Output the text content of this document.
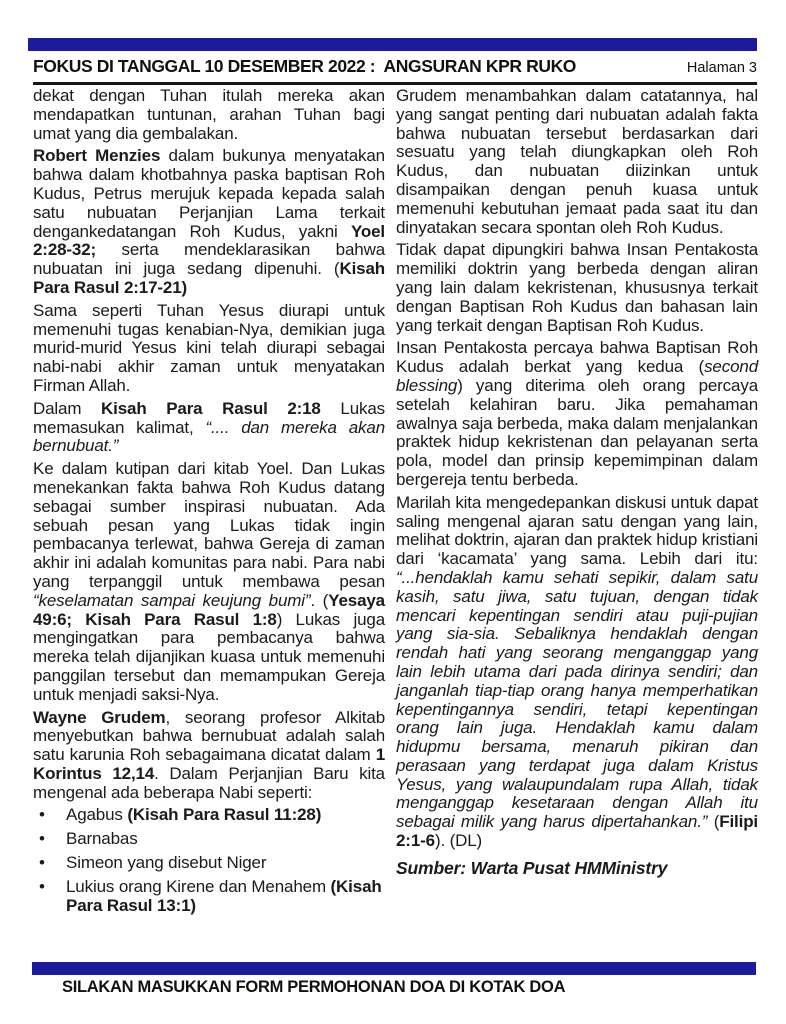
FOKUS DI TANGGAL 10 DESEMBER 2022 :  ANGSURAN KPR RUKO	Halaman 3

dekat dengan Tuhan itulah mereka akan mendapatkan tuntunan, arahan Tuhan bagi umat yang dia gembalakan.

Robert Menzies dalam bukunya menyatakan bahwa dalam khotbahnya paska baptisan Roh Kudus, Petrus merujuk kepada kepada salah satu nubuatan Perjanjian Lama terkait dengankedatangan Roh Kudus, yakni Yoel 2:28-32; serta mendeklarasikan bahwa nubuatan ini juga sedang dipenuhi. (Kisah Para Rasul 2:17-21)

Sama seperti Tuhan Yesus diurapi untuk memenuhi tugas kenabian-Nya, demikian juga murid-murid Yesus kini telah diurapi sebagai nabi-nabi akhir zaman untuk menyatakan Firman Allah.

Dalam Kisah Para Rasul 2:18 Lukas memasukan kalimat, “.... dan mereka akan bernubuat.”

Ke dalam kutipan dari kitab Yoel. Dan Lukas menekankan fakta bahwa Roh Kudus datang sebagai sumber inspirasi nubuatan. Ada sebuah pesan yang Lukas tidak ingin pembacanya terlewat, bahwa Gereja di zaman akhir ini adalah komunitas para nabi. Para nabi yang terpanggil untuk membawa pesan “keselamatan sampai keujung bumi”. (Yesaya 49:6; Kisah Para Rasul 1:8) Lukas juga mengingatkan para pembacanya bahwa mereka telah dijanjikan kuasa untuk memenuhi panggilan tersebut dan memampukan Gereja untuk menjadi saksi-Nya.

Wayne Grudem, seorang profesor Alkitab menyebutkan bahwa bernubuat adalah salah satu karunia Roh sebagaimana dicatat dalam 1 Korintus 12,14. Dalam Perjanjian Baru kita mengenal ada beberapa Nabi seperti:

•	Agabus (Kisah Para Rasul 11:28)
•	Barnabas
•	Simeon yang disebut Niger
•	Lukius orang Kirene dan Menahem (Kisah Para Rasul 13:1)

Grudem menambahkan dalam catatannya, hal yang sangat penting dari nubuatan adalah fakta bahwa nubuatan tersebut berdasarkan dari sesuatu yang telah diungkapkan oleh Roh Kudus, dan nubuatan diizinkan untuk disampaikan dengan penuh kuasa untuk memenuhi kebutuhan jemaat pada saat itu dan dinyatakan secara spontan oleh Roh Kudus.

Tidak dapat dipungkiri bahwa Insan Pentakosta memiliki doktrin yang berbeda dengan aliran yang lain dalam kekristenan, khususnya terkait dengan Baptisan Roh Kudus dan bahasan lain yang terkait dengan Baptisan Roh Kudus.

Insan Pentakosta percaya bahwa Baptisan Roh Kudus adalah berkat yang kedua (second blessing) yang diterima oleh orang percaya setelah kelahiran baru. Jika pemahaman awalnya saja berbeda, maka dalam menjalankan praktek hidup kekristenan dan pelayanan serta pola, model dan prinsip kepemimpinan dalam bergereja tentu berbeda.

Marilah kita mengedepankan diskusi untuk dapat saling mengenal ajaran satu dengan yang lain, melihat doktrin, ajaran dan praktek hidup kristiani dari ‘kacamata’ yang sama. Lebih dari itu: “...hendaklah kamu sehati sepikir, dalam satu kasih, satu jiwa, satu tujuan, dengan tidak mencari kepentingan sendiri atau puji-pujian yang sia-sia. Sebaliknya hendaklah dengan rendah hati yang seorang menganggap yang lain lebih utama dari pada dirinya sendiri; dan janganlah tiap-tiap orang hanya memperhatikan kepentingannya sendiri, tetapi kepentingan orang lain juga. Hendaklah kamu dalam hidupmu bersama, menaruh pikiran dan perasaan yang terdapat juga dalam Kristus Yesus, yang walaupundalam rupa Allah, tidak menganggap kesetaraan dengan Allah itu sebagai milik yang harus dipertahankan.” (Filipi 2:1-6). (DL)

Sumber: Warta Pusat HMMinistry

SILAKAN MASUKKAN FORM PERMOHONAN DOA DI KOTAK DOA
